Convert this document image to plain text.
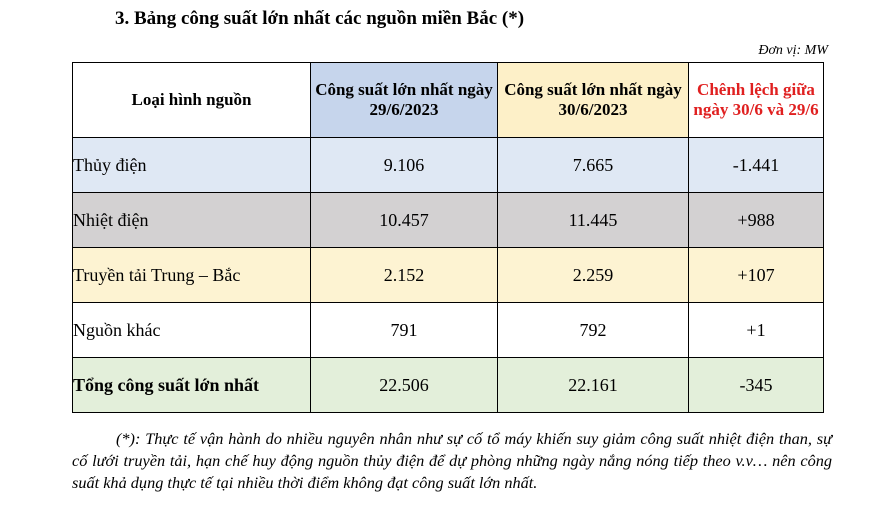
3. Bảng công suất lớn nhất các nguồn miền Bắc (*)
Đơn vị: MW
Loại hình nguồn	Công suất lớn nhất ngày 29/6/2023	Công suất lớn nhất ngày 30/6/2023	Chênh lệch giữa ngày 30/6 và 29/6
Thủy điện	9.106	7.665	-1.441
Nhiệt điện	10.457	11.445	+988
Truyền tải Trung – Bắc	2.152	2.259	+107
Nguồn khác	791	792	+1
Tổng công suất lớn nhất	22.506	22.161	-345
(*): Thực tế vận hành do nhiều nguyên nhân như sự cố tổ máy khiến suy giảm công suất nhiệt điện than, sự cố lưới truyền tải, hạn chế huy động nguồn thủy điện để dự phòng những ngày nắng nóng tiếp theo v.v… nên công suất khả dụng thực tế tại nhiều thời điểm không đạt công suất lớn nhất.
